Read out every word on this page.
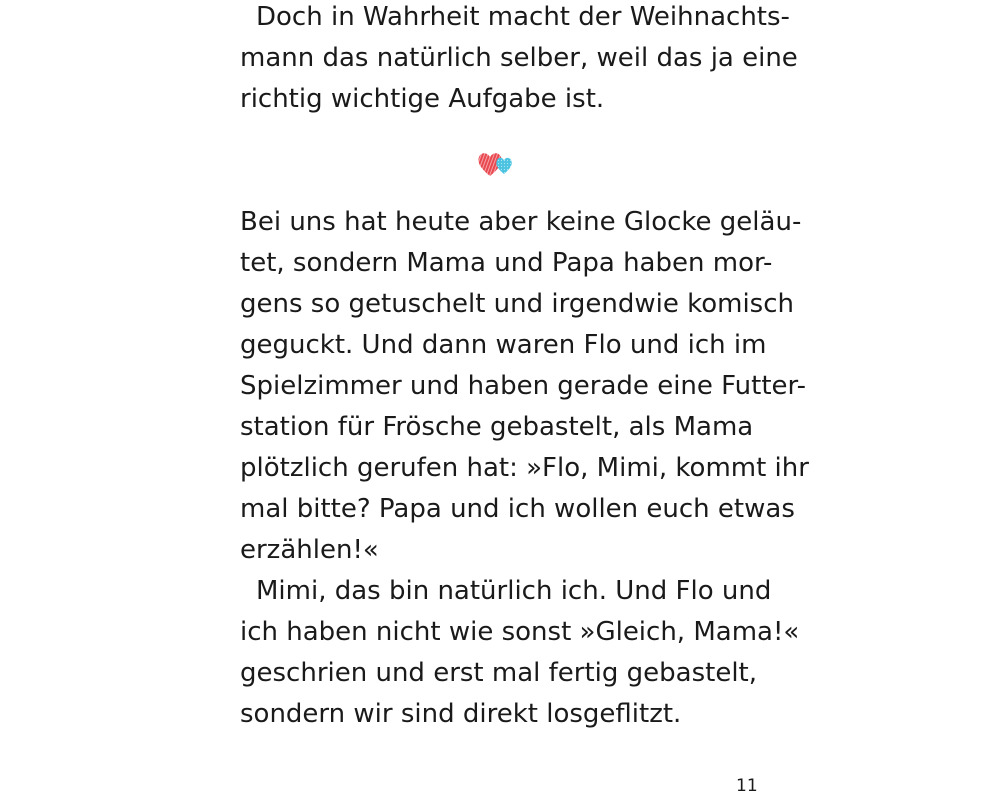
Doch in Wahrheit macht der Weihnachts-
mann das natürlich selber, weil das ja eine
richtig wichtige Aufgabe ist.
Bei uns hat heute aber keine Glocke geläu-
tet, sondern Mama und Papa haben mor-
gens so getuschelt und irgendwie komisch
geguckt. Und dann waren Flo und ich im
Spielzimmer und haben gerade eine Futter-
station für Frösche gebastelt, als Mama
plötzlich gerufen hat: »Flo, Mimi, kommt ihr
mal bitte? Papa und ich wollen euch etwas
erzählen!«
Mimi, das bin natürlich ich. Und Flo und
ich haben nicht wie sonst »Gleich, Mama!«
geschrien und erst mal fertig gebastelt,
sondern wir sind direkt losgeflitzt.
11
